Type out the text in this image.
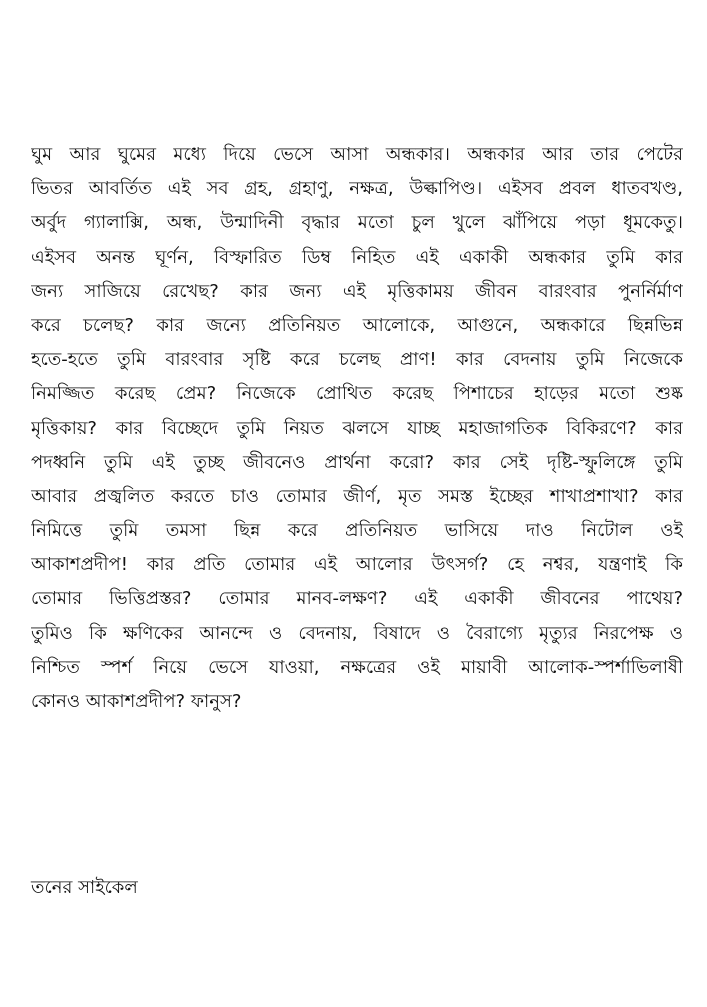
ঘুম আর ঘুমের মধ্যে দিয়ে ভেসে আসা অন্ধকার। অন্ধকার আর তার পেটের
ভিতর আবর্তিত এই সব গ্রহ, গ্রহাণু, নক্ষত্র, উল্কাপিণ্ড। এইসব প্রবল ধাতবখণ্ড,
অর্বুদ গ্যালাক্সি, অন্ধ, উন্মাদিনী বৃদ্ধার মতো চুল খুলে ঝাঁপিয়ে পড়া ধূমকেতু।
এইসব অনন্ত ঘূর্ণন, বিস্ফারিত ডিম্ব নিহিত এই একাকী অন্ধকার তুমি কার
জন্য সাজিয়ে রেখেছ? কার জন্য এই মৃত্তিকাময় জীবন বারংবার পুনর্নির্মাণ
করে চলেছ? কার জন্যে প্রতিনিয়ত আলোকে, আগুনে, অন্ধকারে ছিন্নভিন্ন
হতে-হতে তুমি বারংবার সৃষ্টি করে চলেছ প্রাণ! কার বেদনায় তুমি নিজেকে
নিমজ্জিত করেছ প্রেম? নিজেকে প্রোথিত করেছ পিশাচের হাড়ের মতো শুষ্ক
মৃত্তিকায়? কার বিচ্ছেদে তুমি নিয়ত ঝলসে যাচ্ছ মহাজাগতিক বিকিরণে? কার
পদধ্বনি তুমি এই তুচ্ছ জীবনেও প্রার্থনা করো? কার সেই দৃষ্টি-স্ফুলিঙ্গে তুমি
আবার প্রজ্বলিত করতে চাও তোমার জীর্ণ, মৃত সমস্ত ইচ্ছের শাখাপ্রশাখা? কার
নিমিত্তে তুমি তমসা ছিন্ন করে প্রতিনিয়ত ভাসিয়ে দাও নিটোল ওই
আকাশপ্রদীপ! কার প্রতি তোমার এই আলোর উৎসর্গ? হে নশ্বর, যন্ত্রণাই কি
তোমার ভিত্তিপ্রস্তর? তোমার মানব-লক্ষণ? এই একাকী জীবনের পাথেয়?
তুমিও কি ক্ষণিকের আনন্দে ও বেদনায়, বিষাদে ও বৈরাগ্যে মৃত্যুর নিরপেক্ষ ও
নিশ্চিত স্পর্শ নিয়ে ভেসে যাওয়া, নক্ষত্রের ওই মায়াবী আলোক-স্পর্শাভিলাষী
কোনও আকাশপ্রদীপ? ফানুস?
তনের সাইকেল
